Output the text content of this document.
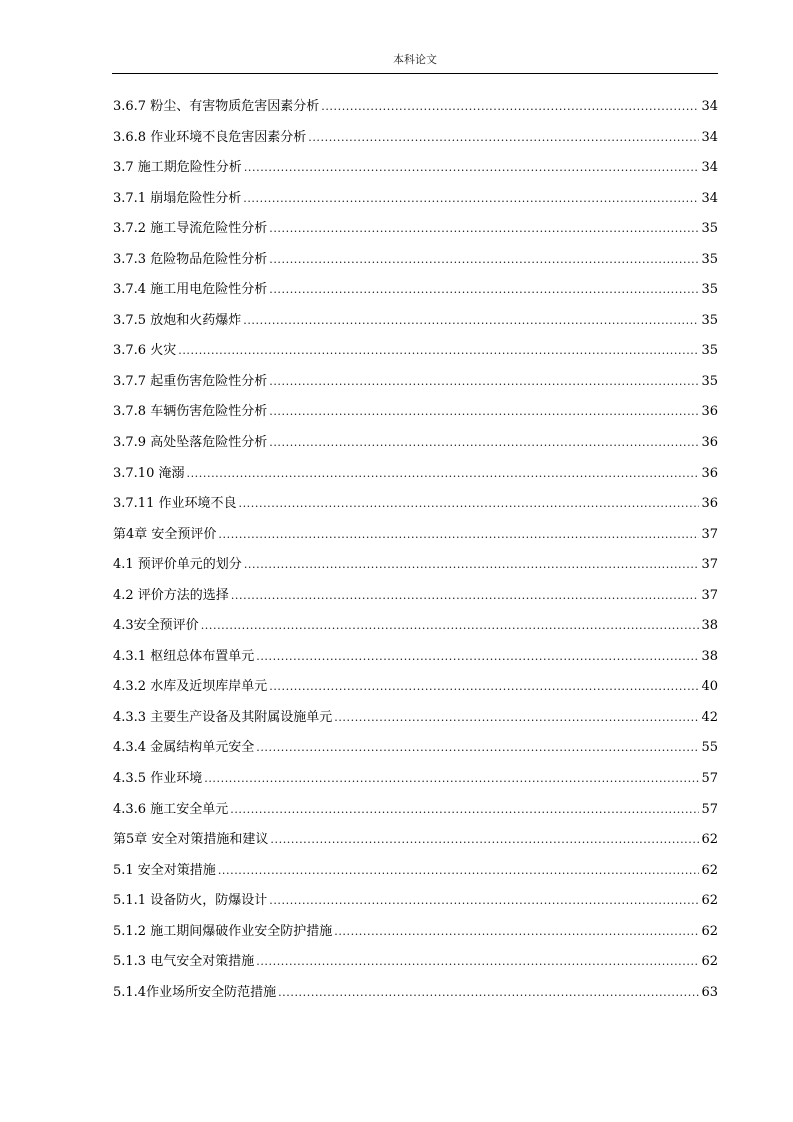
本科论文
3.6.7 粉尘、有害物质危害因素分析 .....	34
3.6.8 作业环境不良危害因素分析 .....	34
3.7 施工期危险性分析 .....	34
3.7.1 崩塌危险性分析 .....	34
3.7.2 施工导流危险性分析 .....	35
3.7.3 危险物品危险性分析 .....	35
3.7.4 施工用电危险性分析 .....	35
3.7.5 放炮和火药爆炸 .....	35
3.7.6 火灾 .....	35
3.7.7 起重伤害危险性分析 .....	35
3.7.8 车辆伤害危险性分析 .....	36
3.7.9 高处坠落危险性分析 .....	36
3.7.10 淹溺 .....	36
3.7.11 作业环境不良 .....	36
第4章 安全预评价 .....	37
4.1 预评价单元的划分 .....	37
4.2 评价方法的选择 .....	37
4.3安全预评价 .....	38
4.3.1 枢纽总体布置单元 .....	38
4.3.2 水库及近坝库岸单元 .....	40
4.3.3 主要生产设备及其附属设施单元 .....	42
4.3.4 金属结构单元安全 .....	55
4.3.5 作业环境 .....	57
4.3.6 施工安全单元 .....	57
第5章 安全对策措施和建议 .....	62
5.1 安全对策措施 .....	62
5.1.1 设备防火，防爆设计 .....	62
5.1.2 施工期间爆破作业安全防护措施 .....	62
5.1.3 电气安全对策措施 .....	62
5.1.4作业场所安全防范措施 .....	63
